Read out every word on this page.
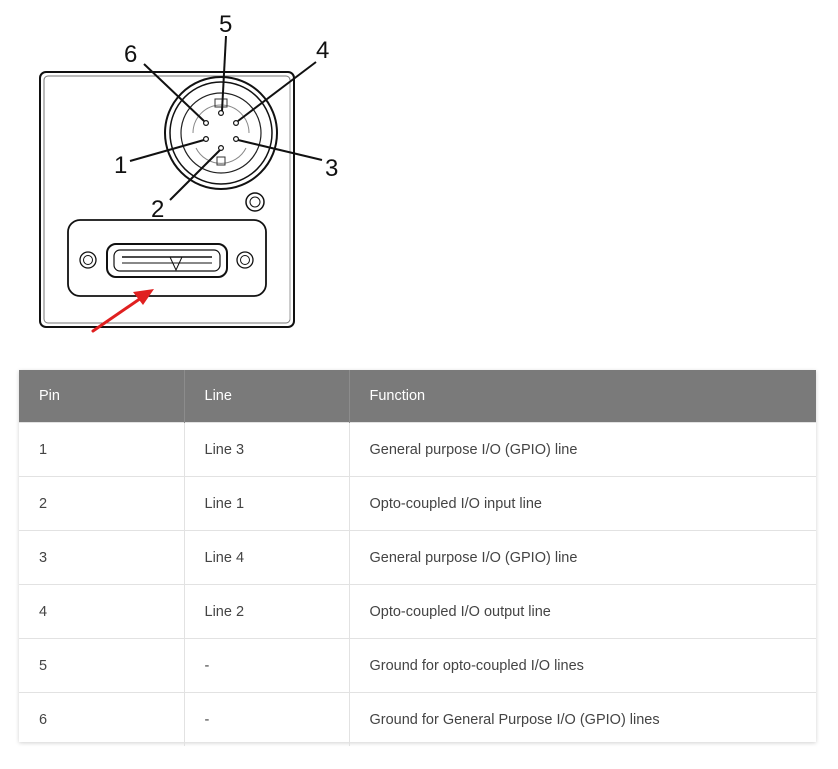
6
5
4
1	3
2
Pin	Line	Function
1	Line 3	General purpose I/O (GPIO) line
2	Line 1	Opto-coupled I/O input line
3	Line 4	General purpose I/O (GPIO) line
4	Line 2	Opto-coupled I/O output line
5	-	Ground for opto-coupled I/O lines
6	-	Ground for General Purpose I/O (GPIO) lines
